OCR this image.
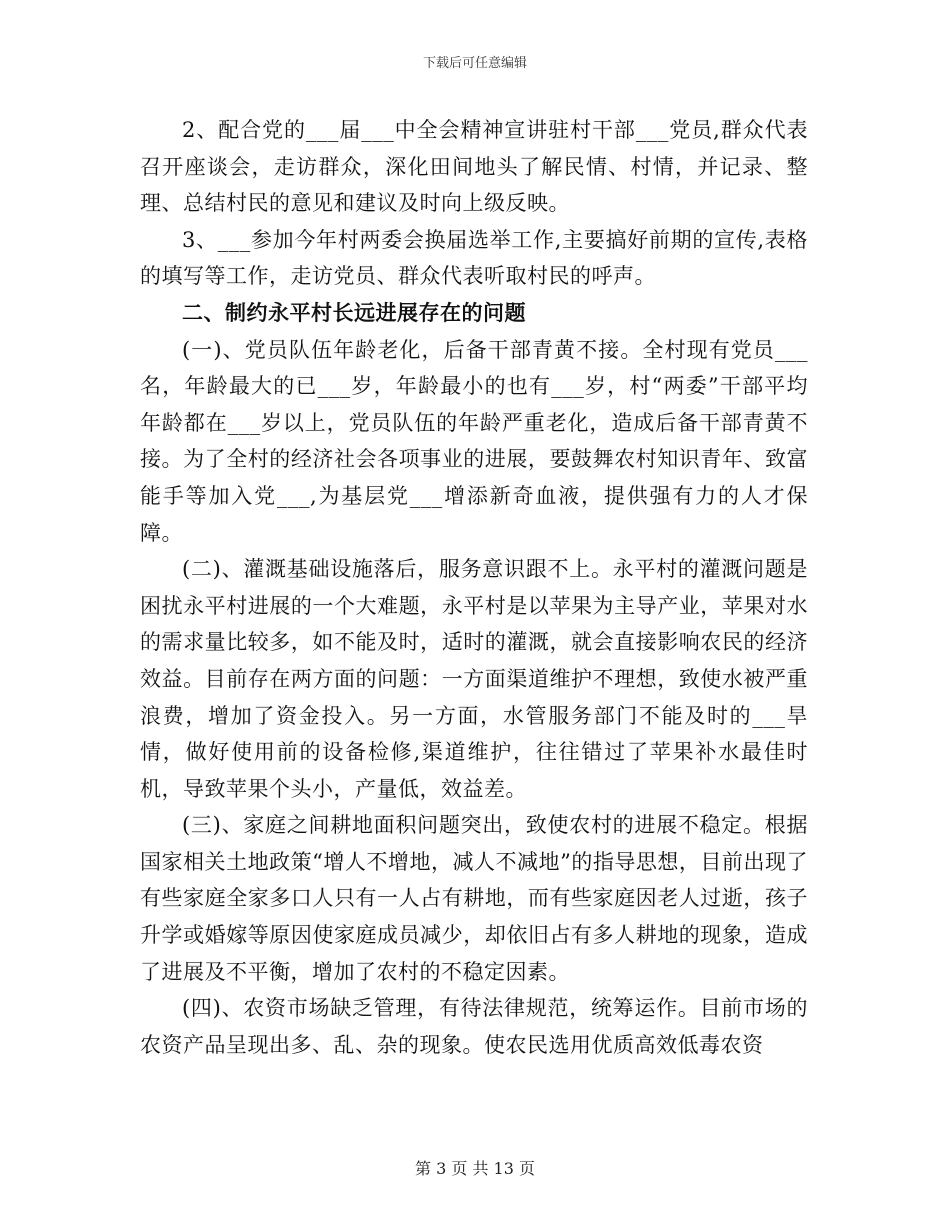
下载后可任意编辑

2、配合党的___届___中全会精神宣讲驻村干部___党员,群众代表召开座谈会，走访群众，深化田间地头了解民情、村情，并记录、整理、总结村民的意见和建议及时向上级反映。

3、___参加今年村两委会换届选举工作,主要搞好前期的宣传,表格的填写等工作，走访党员、群众代表听取村民的呼声。

二、制约永平村长远进展存在的问题

(一)、党员队伍年龄老化，后备干部青黄不接。全村现有党员___名，年龄最大的已___岁，年龄最小的也有___岁，村“两委”干部平均年龄都在___岁以上，党员队伍的年龄严重老化，造成后备干部青黄不接。为了全村的经济社会各项事业的进展，要鼓舞农村知识青年、致富能手等加入党___,为基层党___增添新奇血液，提供强有力的人才保障。

(二)、灌溉基础设施落后，服务意识跟不上。永平村的灌溉问题是困扰永平村进展的一个大难题，永平村是以苹果为主导产业，苹果对水的需求量比较多，如不能及时，适时的灌溉，就会直接影响农民的经济效益。目前存在两方面的问题：一方面渠道维护不理想，致使水被严重浪费，增加了资金投入。另一方面，水管服务部门不能及时的___旱情，做好使用前的设备检修,渠道维护，往往错过了苹果补水最佳时机，导致苹果个头小，产量低，效益差。

(三)、家庭之间耕地面积问题突出，致使农村的进展不稳定。根据国家相关土地政策“增人不增地，减人不减地”的指导思想，目前出现了有些家庭全家多口人只有一人占有耕地，而有些家庭因老人过逝，孩子升学或婚嫁等原因使家庭成员减少，却依旧占有多人耕地的现象，造成了进展及不平衡，增加了农村的不稳定因素。

(四)、农资市场缺乏管理，有待法律规范，统筹运作。目前市场的农资产品呈现出多、乱、杂的现象。使农民选用优质高效低毒农资

第 3 页 共 13 页
